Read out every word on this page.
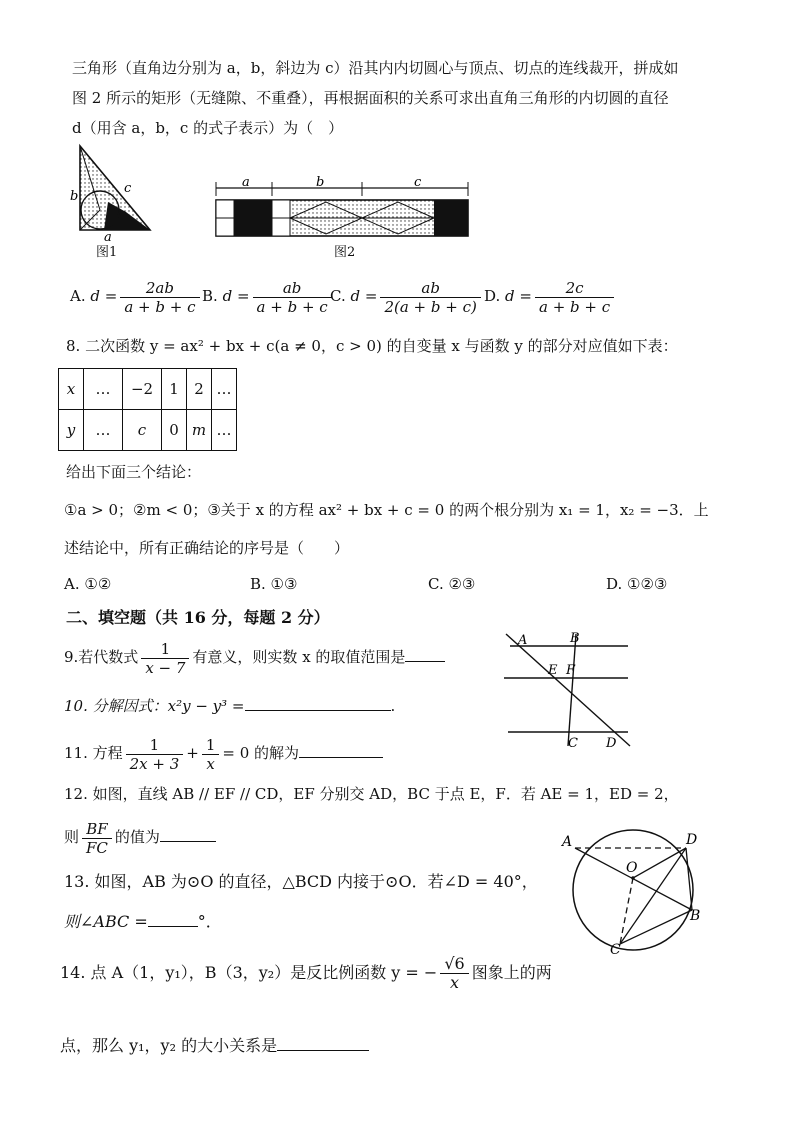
三角形（直角边分别为 a，b，斜边为 c）沿其内内切圆心与顶点、切点的连线裁开，拼成如
图 2 所示的矩形（无缝隙、不重叠），再根据面积的关系可求出直角三角形的内切圆的直径
d（用含 a，b，c 的式子表示）为（　）
b
c
a
图1
a	b	c
图2
A. $d = \frac{2ab}{a + b + c} B$. $d = \frac{ab}{a + b + c}$
C. $d = \frac{ab}{2(a + b + c)} D$. $d = \frac{2c}{a + b + c}$
8. 二次函数 y = ax² + bx + c(a ≠ 0，c > 0) 的自变量 x 与函数 y 的部分对应值如下表：
x	…	−2	1	2	…
y	…	c	0	m	…
给出下面三个结论：
①a > 0；②m < 0；③关于 x 的方程 ax² + bx + c = 0 的两个根分别为 x₁ = 1，x₂ = −3．上
述结论中，所有正确结论的序号是（　　）
A. ①②	B. ①③	C. ②③	D. ①②③
二、填空题（共 16 分，每题 2 分）
9.若代数式 $\frac{1}{x - 7}$ 有意义，则实数 x 的取值范围是
10. 分解因式：x²y − y³ =	.
11. 方程 $\frac{1}{2x + 3} + \frac{1}{x} = 0$ 的解为
12. 如图，直线 AB // EF // CD，EF 分别交 AD，BC 于点 E，F．若 AE = 1，ED = 2，
则 $\frac{BF}{FC}$ 的值为
13. 如图，AB 为⊙O 的直径，△BCD 内接于⊙O．若∠D = 40°，
则∠ABC =	°．
14. 点 A（1，y₁），B（3，y₂）是反比例函数 y = − $\frac{√6}{x}$ 图象上的两
点，那么 y₁，y₂ 的大小关系是
A	B
E F
C D
A	D
O
B
C
